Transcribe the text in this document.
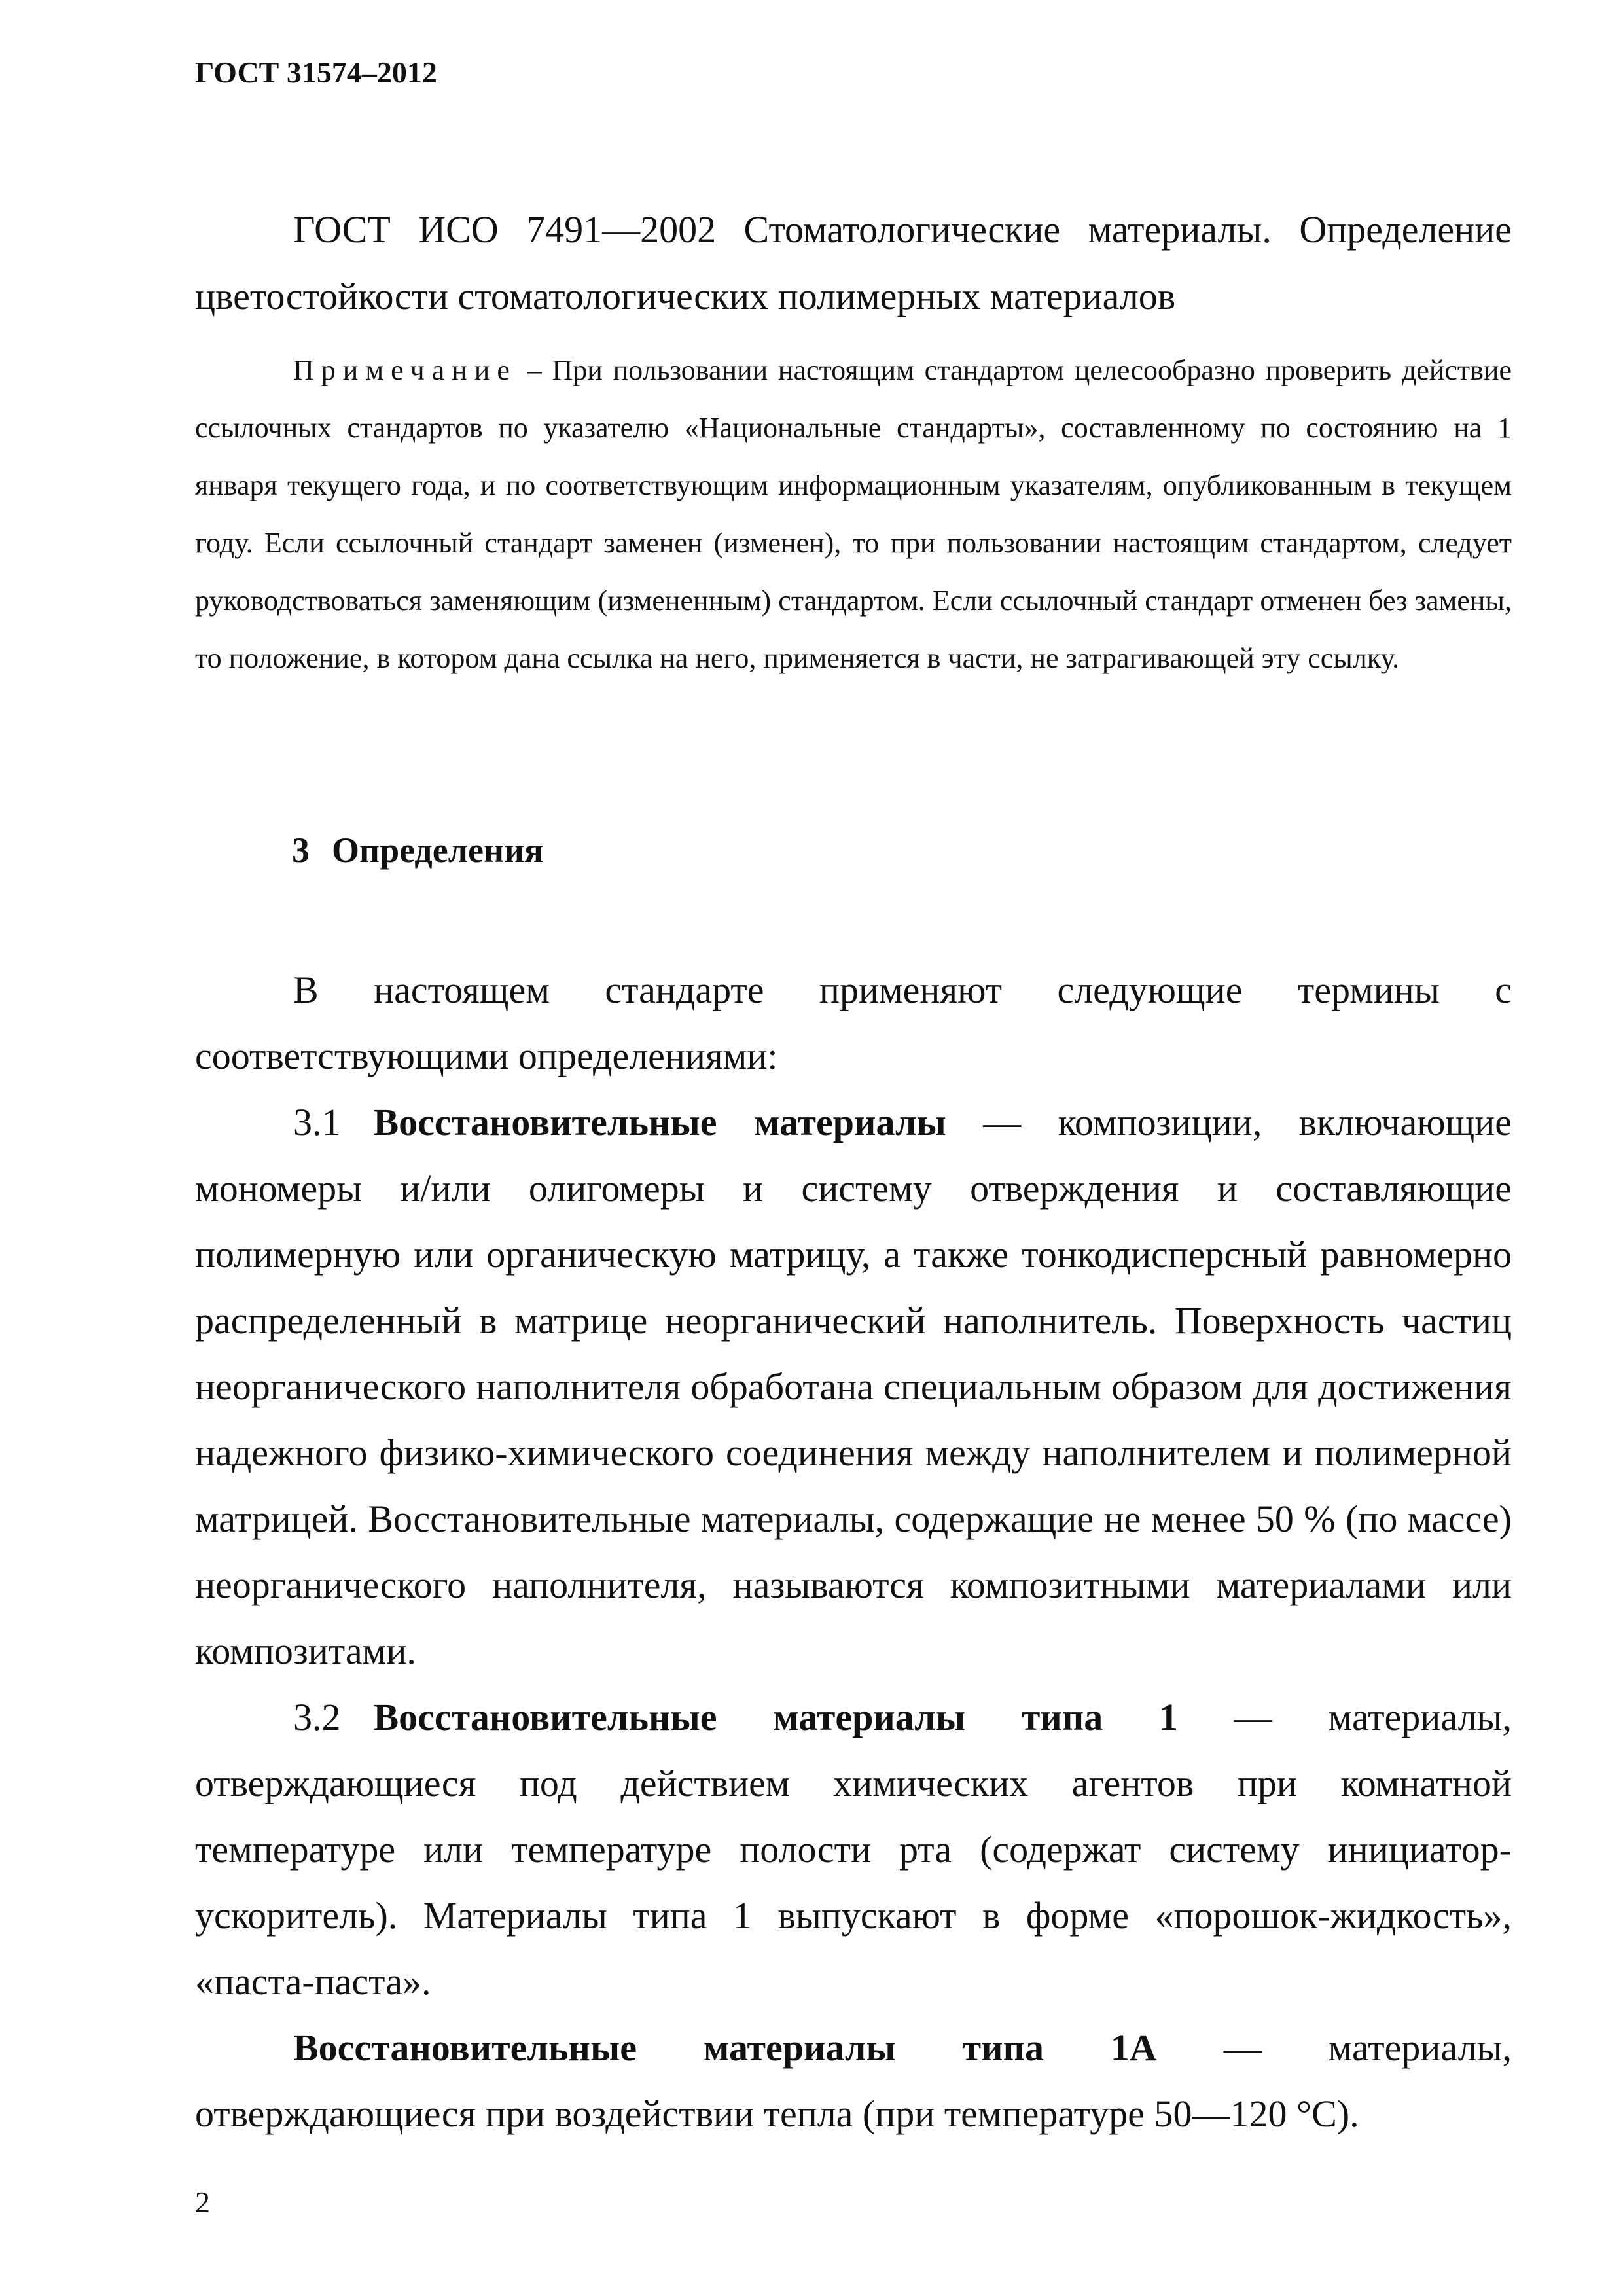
ГОСТ 31574–2012
ГОСТ ИСО 7491—2002 Стоматологические материалы. Определение цветостойкости стоматологических полимерных материалов
Примечание – При пользовании настоящим стандартом целесообразно проверить действие ссылочных стандартов по указателю «Национальные стандарты», составленному по состоянию на 1 января текущего года, и по соответствующим информационным указателям, опубликованным в текущем году. Если ссылочный стандарт заменен (изменен), то при пользовании настоящим стандартом, следует руководствоваться заменяющим (измененным) стандартом. Если ссылочный стандарт отменен без замены, то положение, в котором дана ссылка на него, применяется в части, не затрагивающей эту ссылку.
3 Определения

В настоящем стандарте применяют следующие термины с соответствующими определениями:

3.1 Восстановительные материалы — композиции, включающие мономеры и/или олигомеры и систему отверждения и составляющие полимерную или органическую матрицу, а также тонкодисперсный равномерно распределенный в матрице неорганический наполнитель. Поверхность частиц неорганического наполнителя обработана специальным образом для достижения надежного физико-химического соединения между наполнителем и полимерной матрицей. Восстановительные материалы, содержащие не менее 50 % (по массе) неорганического наполнителя, называются композитными материалами или композитами.

3.2 Восстановительные материалы типа 1 — материалы, отверждающиеся под действием химических агентов при комнатной температуре или температуре полости рта (содержат систему инициатор-ускоритель). Материалы типа 1 выпускают в форме «порошок-жидкость», «паста-паста».

Восстановительные материалы типа 1А — материалы, отверждающиеся при воздействии тепла (при температуре 50—120 °С).

2
